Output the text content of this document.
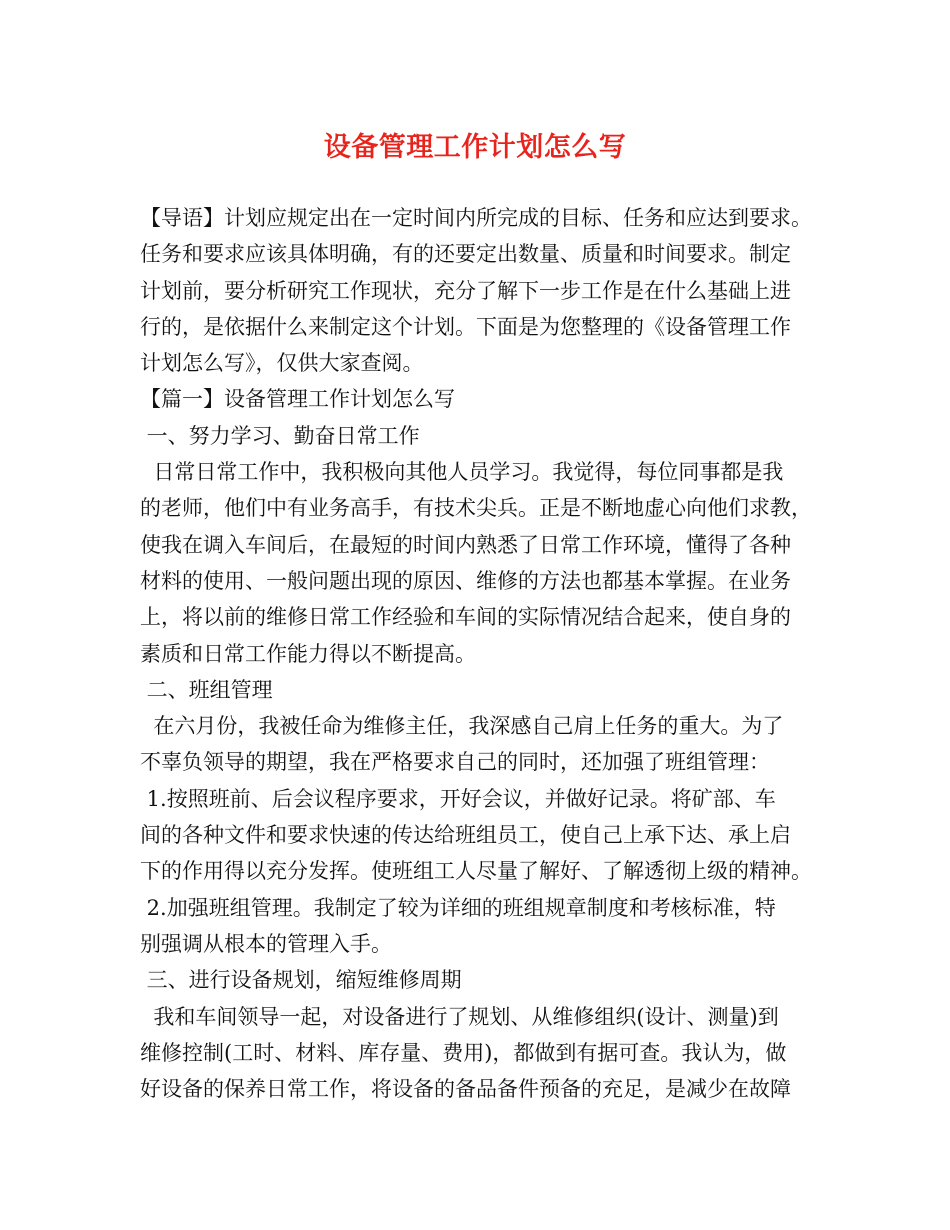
设备管理工作计划怎么写
【导语】计划应规定出在一定时间内所完成的目标、任务和应达到要求。
任务和要求应该具体明确，有的还要定出数量、质量和时间要求。制定
计划前，要分析研究工作现状，充分了解下一步工作是在什么基础上进
行的，是依据什么来制定这个计划。下面是为您整理的《设备管理工作
计划怎么写》，仅供大家查阅。
【篇一】设备管理工作计划怎么写
一、努力学习、勤奋日常工作
日常日常工作中，我积极向其他人员学习。我觉得，每位同事都是我
的老师，他们中有业务高手，有技术尖兵。正是不断地虚心向他们求教，
使我在调入车间后，在最短的时间内熟悉了日常工作环境，懂得了各种
材料的使用、一般问题出现的原因、维修的方法也都基本掌握。在业务
上，将以前的维修日常工作经验和车间的实际情况结合起来，使自身的
素质和日常工作能力得以不断提高。
二、班组管理
在六月份，我被任命为维修主任，我深感自己肩上任务的重大。为了
不辜负领导的期望，我在严格要求自己的同时，还加强了班组管理：
1.按照班前、后会议程序要求，开好会议，并做好记录。将矿部、车
间的各种文件和要求快速的传达给班组员工，使自己上承下达、承上启
下的作用得以充分发挥。使班组工人尽量了解好、了解透彻上级的精神。
2.加强班组管理。我制定了较为详细的班组规章制度和考核标准，特
别强调从根本的管理入手。
三、进行设备规划，缩短维修周期
我和车间领导一起，对设备进行了规划、从维修组织(设计、测量)到
维修控制(工时、材料、库存量、费用)，都做到有据可查。我认为，做
好设备的保养日常工作，将设备的备品备件预备的充足，是减少在故障
